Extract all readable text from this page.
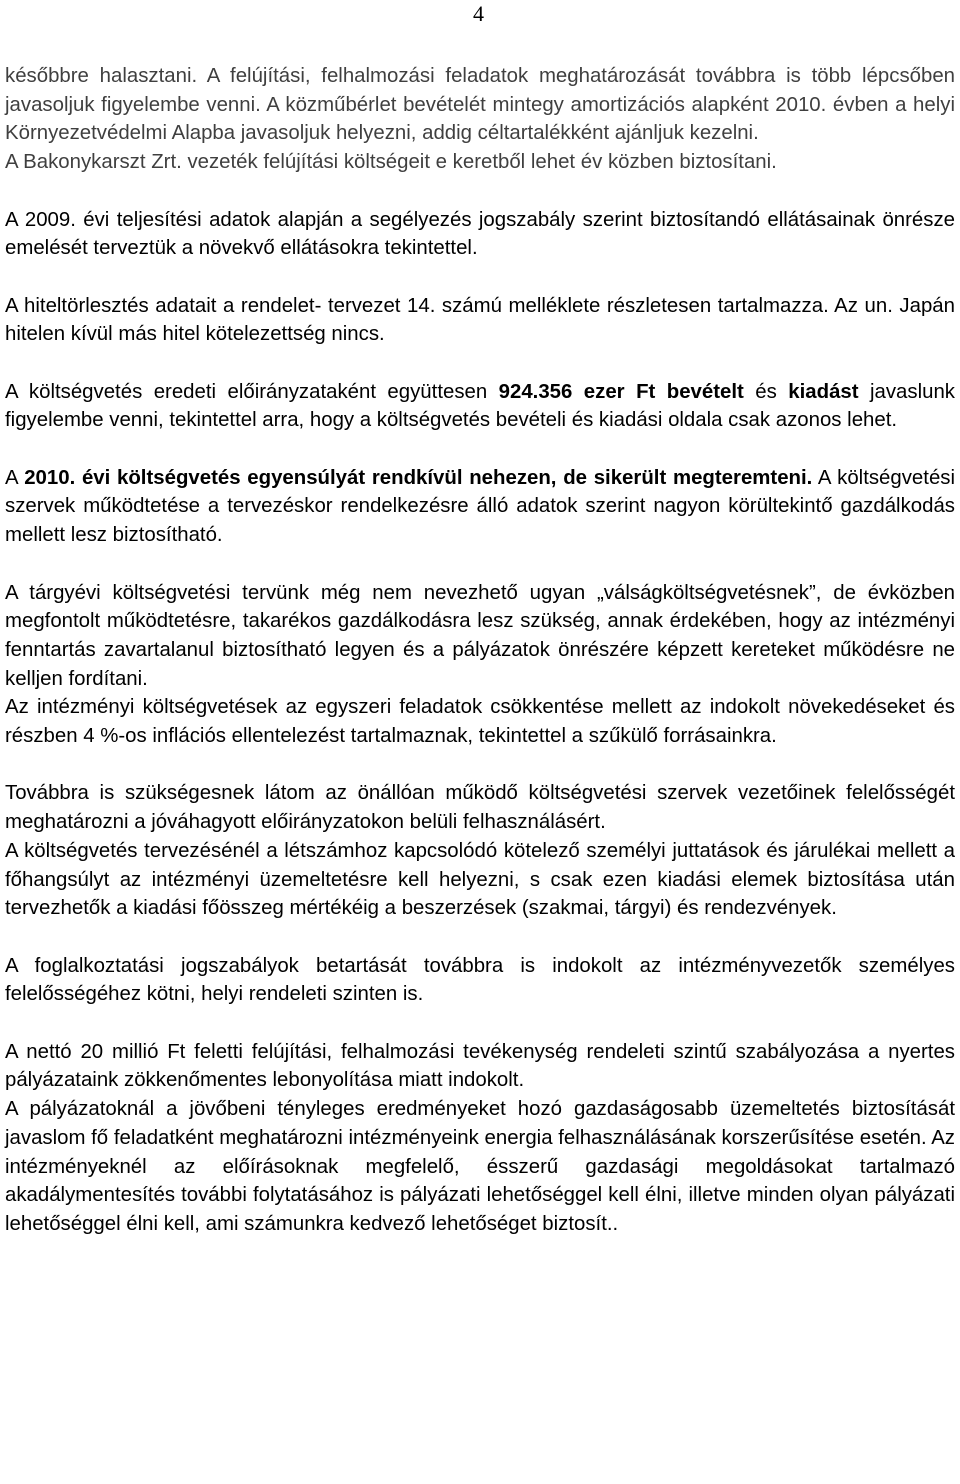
4

későbbre halasztani. A felújítási, felhalmozási feladatok meghatározását továbbra is több lépcsőben javasoljuk figyelembe venni. A közműbérlet bevételét mintegy amortizációs alapként 2010. évben a helyi Környezetvédelmi Alapba javasoljuk helyezni, addig céltartalékként ajánljuk kezelni.

A Bakonykarszt Zrt. vezeték felújítási költségeit e keretből lehet év közben biztosítani.

A 2009. évi teljesítési adatok alapján a segélyezés jogszabály szerint biztosítandó ellátásainak önrésze emelését terveztük a növekvő ellátásokra tekintettel.

A hiteltörlesztés adatait a rendelet- tervezet 14. számú melléklete részletesen tartalmazza. Az un. Japán hitelen kívül más hitel kötelezettség nincs.

A költségvetés eredeti előirányzataként együttesen 924.356 ezer Ft bevételt és kiadást javaslunk figyelembe venni, tekintettel arra, hogy a költségvetés bevételi és kiadási oldala csak azonos lehet.

A 2010. évi költségvetés egyensúlyát rendkívül nehezen, de sikerült megteremteni. A költségvetési szervek működtetése a tervezéskor rendelkezésre álló adatok szerint nagyon körültekintő gazdálkodás mellett lesz biztosítható.

A tárgyévi költségvetési tervünk még nem nevezhető ugyan „válságköltségvetésnek”, de évközben megfontolt működtetésre, takarékos gazdálkodásra lesz szükség, annak érdekében, hogy az intézményi fenntartás zavartalanul biztosítható legyen és a pályázatok önrészére képzett kereteket működésre ne kelljen fordítani.

Az intézményi költségvetések az egyszeri feladatok csökkentése mellett az indokolt növekedéseket és részben 4 %-os inflációs ellentelezést tartalmaznak, tekintettel a szűkülő forrásainkra.

Továbbra is szükségesnek látom az önállóan működő költségvetési szervek vezetőinek felelősségét meghatározni a jóváhagyott előirányzatokon belüli felhasználásért.

A költségvetés tervezésénél a létszámhoz kapcsolódó kötelező személyi juttatások és járulékai mellett a főhangsúlyt az intézményi üzemeltetésre kell helyezni, s csak ezen kiadási elemek biztosítása után tervezhetők a kiadási főösszeg mértékéig a beszerzések (szakmai, tárgyi) és rendezvények.

A foglalkoztatási jogszabályok betartását továbbra is indokolt az intézményvezetők személyes felelősségéhez kötni, helyi rendeleti szinten is.

A nettó 20 millió Ft feletti felújítási, felhalmozási tevékenység rendeleti szintű szabályozása a nyertes pályázataink zökkenőmentes lebonyolítása miatt indokolt.

A pályázatoknál a jövőbeni tényleges eredményeket hozó gazdaságosabb üzemeltetés biztosítását javaslom fő feladatként meghatározni intézményeink energia felhasználásának korszerűsítése esetén. Az intézményeknél az előírásoknak megfelelő, ésszerű gazdasági megoldásokat tartalmazó akadálymentesítés további folytatásához is pályázati lehetőséggel kell élni, illetve minden olyan pályázati lehetőséggel élni kell, ami számunkra kedvező lehetőséget biztosít..
